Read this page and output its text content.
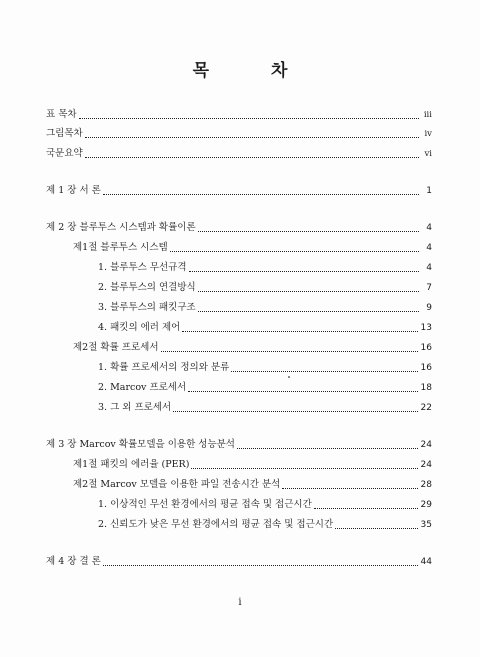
목 차
표 목차	iii
그림목차	iv
국문요약	vi
제 1 장 서 론	1
제 2 장 블루투스 시스템과 확률이론	4
제1절 블루투스 시스템	4
1. 블루투스 무선규격	4
2. 블루투스의 연결방식	7
3. 블루투스의 패킷구조	9
4. 패킷의 에러 제어	13
제2절 확률 프로세서	16
1. 확률 프로세서의 정의와 분류	16
2. Marcov 프로세서	18
3. 그 외 프로세서	22
제 3 장 Marcov 확률모델을 이용한 성능분석	24
제1절 패킷의 에러율 (PER)	24
제2절 Marcov 모델을 이용한 파일 전송시간 분석	28
1. 이상적인 무선 환경에서의 평균 접속 및 접근시간	29
2. 신뢰도가 낮은 무선 환경에서의 평균 접속 및 접근시간	35
제 4 장 결 론	44
i
